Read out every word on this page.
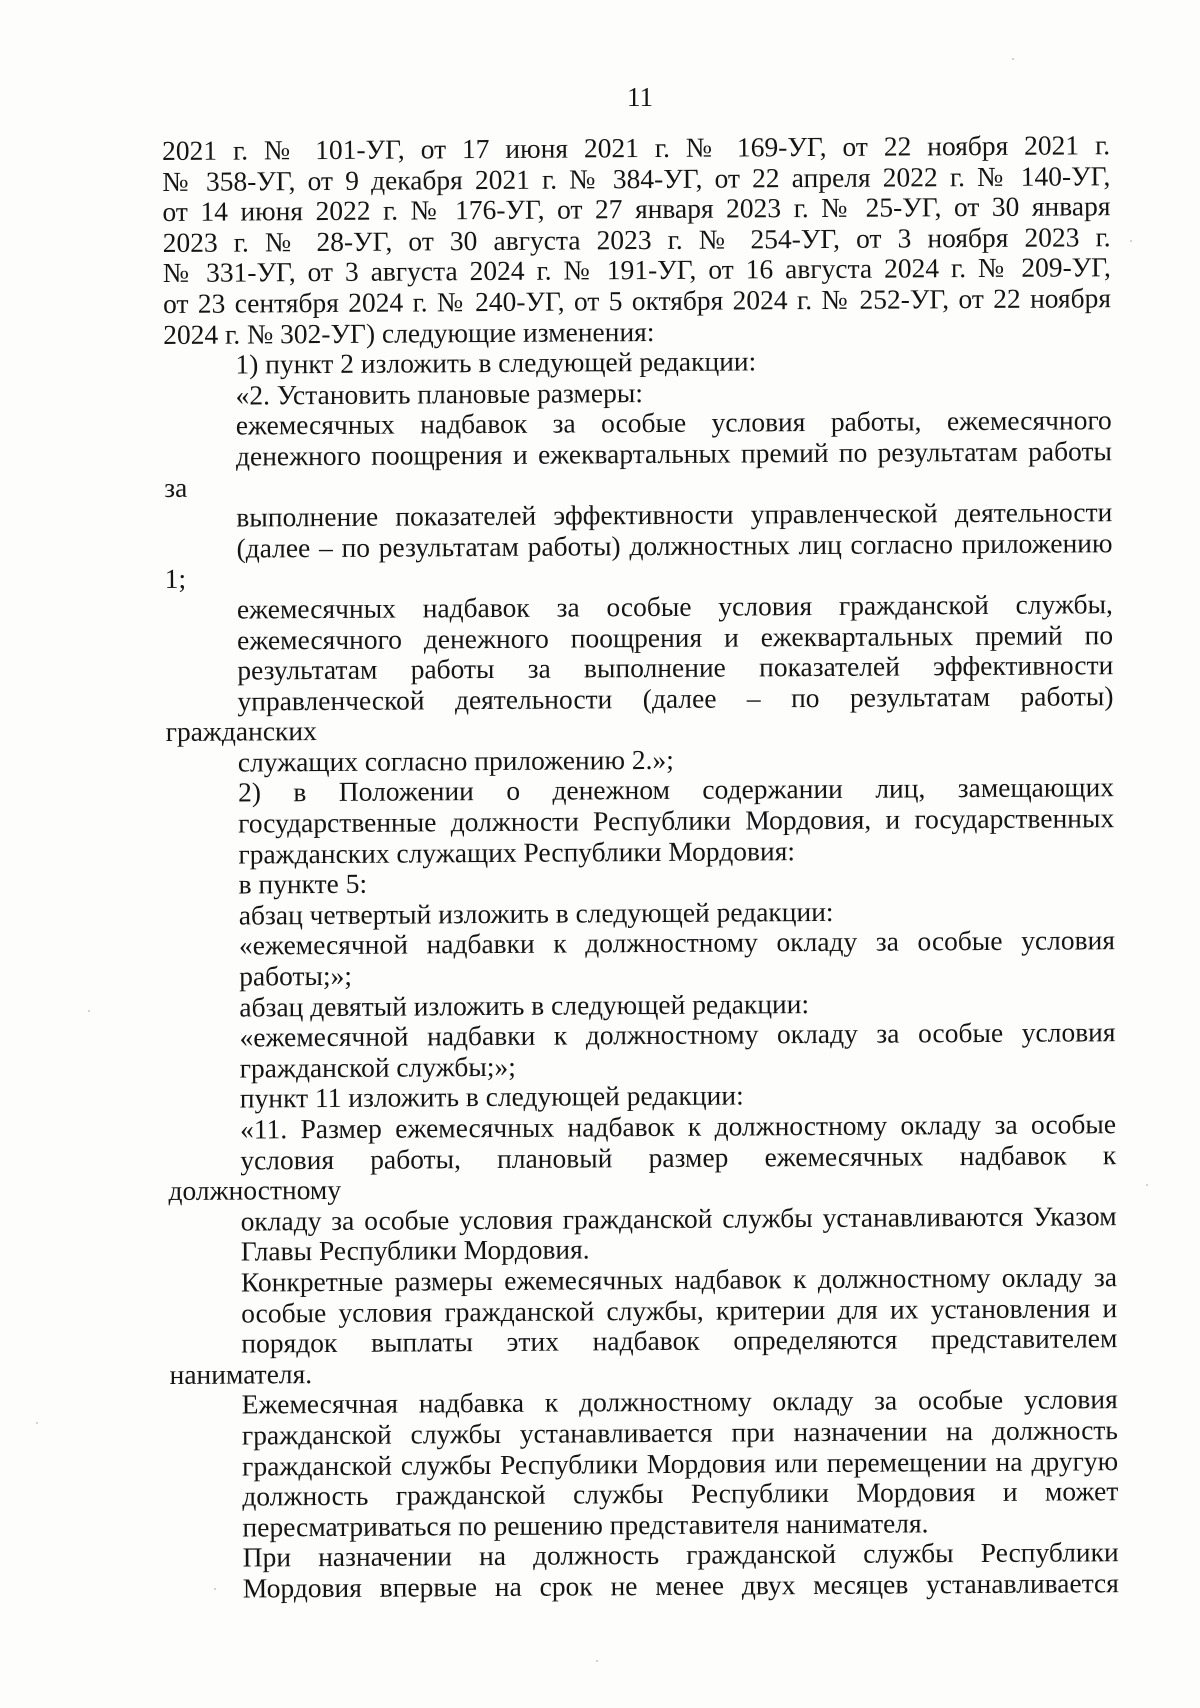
11

2021 г. № 101-УГ, от 17 июня 2021 г. № 169-УГ, от 22 ноября 2021 г.
№ 358-УГ, от 9 декабря 2021 г. № 384-УГ, от 22 апреля 2022 г. № 140-УГ,
от 14 июня 2022 г. № 176-УГ, от 27 января 2023 г. № 25-УГ, от 30 января
2023 г. № 28-УГ, от 30 августа 2023 г. № 254-УГ, от 3 ноября 2023 г.
№ 331-УГ, от 3 августа 2024 г. № 191-УГ, от 16 августа 2024 г. № 209-УГ,
от 23 сентября 2024 г. № 240-УГ, от 5 октября 2024 г. № 252-УГ, от 22 ноября
2024 г. № 302-УГ) следующие изменения:

1) пункт 2 изложить в следующей редакции:

«2. Установить плановые размеры:

ежемесячных надбавок за особые условия работы, ежемесячного
денежного поощрения и ежеквартальных премий по результатам работы за
выполнение показателей эффективности управленческой деятельности
(далее – по результатам работы) должностных лиц согласно приложению 1;

ежемесячных надбавок за особые условия гражданской службы,
ежемесячного денежного поощрения и ежеквартальных премий по
результатам работы за выполнение показателей эффективности
управленческой деятельности (далее – по результатам работы) гражданских
служащих согласно приложению 2.»;

2) в Положении о денежном содержании лиц, замещающих
государственные должности Республики Мордовия, и государственных
гражданских служащих Республики Мордовия:

в пункте 5:

абзац четвертый изложить в следующей редакции:

«ежемесячной надбавки к должностному окладу за особые условия
работы;»;

абзац девятый изложить в следующей редакции:

«ежемесячной надбавки к должностному окладу за особые условия
гражданской службы;»;

пункт 11 изложить в следующей редакции:

«11. Размер ежемесячных надбавок к должностному окладу за особые
условия работы, плановый размер ежемесячных надбавок к должностному
окладу за особые условия гражданской службы устанавливаются Указом
Главы Республики Мордовия.

Конкретные размеры ежемесячных надбавок к должностному окладу за
особые условия гражданской службы, критерии для их установления и
порядок выплаты этих надбавок определяются представителем нанимателя.

Ежемесячная надбавка к должностному окладу за особые условия
гражданской службы устанавливается при назначении на должность
гражданской службы Республики Мордовия или перемещении на другую
должность гражданской службы Республики Мордовия и может
пересматриваться по решению представителя нанимателя.

При назначении на должность гражданской службы Республики
Мордовия впервые на срок не менее двух месяцев устанавливается
